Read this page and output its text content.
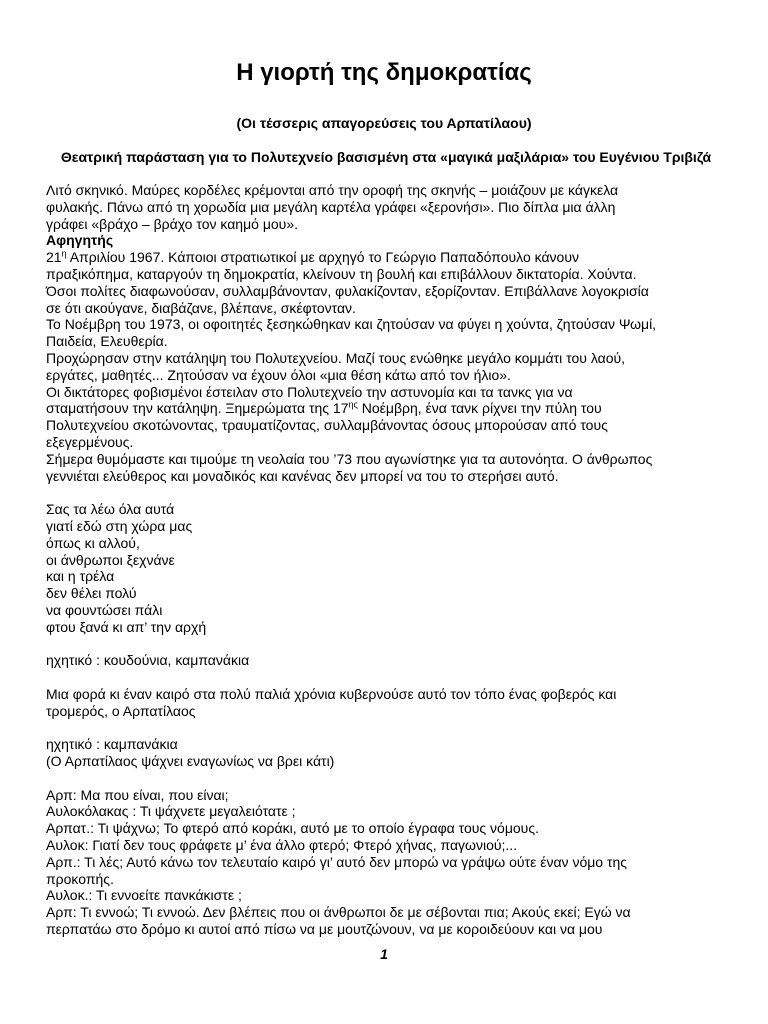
Η γιορτή της δημοκρατίας
(Οι τέσσερις απαγορεύσεις του Αρπατίλαου)
Θεατρική παράσταση για το Πολυτεχνείο βασισμένη στα «μαγικά μαξιλάρια» του Ευγένιου Τριβιζά

Λιτό σκηνικό. Μαύρες κορδέλες κρέμονται από την οροφή της σκηνής – μοιάζουν με κάγκελα

φυλακής. Πάνω από τη χορωδία μια μεγάλη καρτέλα γράφει «ξερονήσι». Πιο δίπλα μια άλλη

γράφει «βράχο – βράχο τον καημό μου».

Αφηγητής

$21^\eta$ Απριλίου 1967. Κάποιοι στρατιωτικοί με αρχηγό το Γεώργιο Παπαδόπουλο κάνουν

πραξικόπημα, καταργούν τη δημοκρατία, κλείνουν τη βουλή και επιβάλλουν δικτατορία. Χούντα.

Όσοι πολίτες διαφωνούσαν, συλλαμβάνονταν, φυλακίζονταν, εξορίζονταν. Επιβάλλανε λογοκρισία

σε ότι ακούγανε, διαβάζανε, βλέπανε, σκέφτονταν.

Το Νοέμβρη του 1973, οι οφοιτητές ξεσηκώθηκαν και ζητούσαν να φύγει η χούντα, ζητούσαν Ψωμί,

Παιδεία, Ελευθερία.

Προχώρησαν στην κατάληψη του Πολυτεχνείου. Μαζί τους ενώθηκε μεγάλο κομμάτι του λαού,

εργάτες, μαθητές... Ζητούσαν να έχουν όλοι «μια θέση κάτω από τον ήλιο».

Οι δικτάτορες φοβισμένοι έστειλαν στο Πολυτεχνείο την αστυνομία και τα τανκς για να

σταματήσουν την κατάληψη. Ξημερώματα της $17^{\eta\varsigma}$ Νοέμβρη, ένα τανκ ρίχνει την πύλη του

Πολυτεχνείου σκοτώνοντας, τραυματίζοντας, συλλαμβάνοντας όσους μπορούσαν από τους

εξεγερμένους.

Σήμερα θυμόμαστε και τιμούμε τη νεολαία του ’73 που αγωνίστηκε για τα αυτονόητα. Ο άνθρωπος

γεννιέται ελεύθερος και μοναδικός και κανένας δεν μπορεί να του το στερήσει αυτό.

Σας τα λέω όλα αυτά

γιατί εδώ στη χώρα μας

όπως κι αλλού,

οι άνθρωποι ξεχνάνε

και η τρέλα

δεν θέλει πολύ

να φουντώσει πάλι

φτου ξανά κι απ’ την αρχή

ηχητικό : κουδούνια, καμπανάκια

Μια φορά κι έναν καιρό στα πολύ παλιά χρόνια κυβερνούσε αυτό τον τόπο ένας φοβερός και

τρομερός, ο Αρπατίλαος

ηχητικό : καμπανάκια

(Ο Αρπατίλαος ψάχνει εναγωνίως να βρει κάτι)

Αρπ: Μα που είναι, που είναι;

Αυλοκόλακας : Τι ψάχνετε μεγαλειότατε ;

Αρπατ.: Τι ψάχνω; Το φτερό από κοράκι, αυτό με το οποίο έγραφα τους νόμους.

Αυλοκ: Γιατί δεν τους φράφετε μ’ ένα άλλο φτερό; Φτερό χήνας, παγωνιού;...

Αρπ.: Τι λές; Αυτό κάνω τον τελευταίο καιρό γι’ αυτό δεν μπορώ να γράψω ούτε έναν νόμο της

προκοπής.

Αυλοκ.: Τι εννοείτε πανκάκιστε ;

Αρπ: Τι εννοώ; Τι εννοώ. Δεν βλέπεις που οι άνθρωποι δε με σέβονται πια; Ακούς εκεί; Εγώ να

περπατάω στο δρόμο κι αυτοί από πίσω να με μουτζώνουν, να με κοροιδεύουν και να μου

1
